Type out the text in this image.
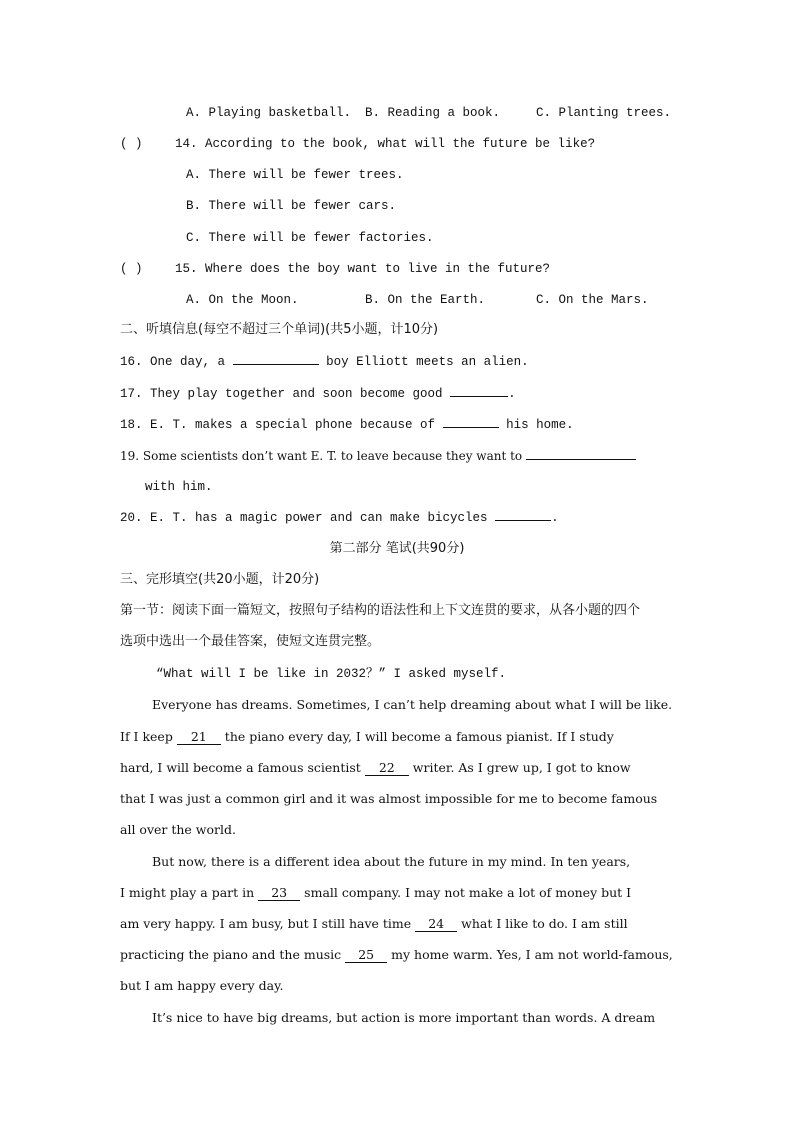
A. Playing basketball. B. Reading a book.	C. Planting trees.
( )	14. According to the book, what will the future be like?
A. There will be fewer trees.
B. There will be fewer cars.
C. There will be fewer factories.
( )	15. Where does the boy want to live in the future?
A. On the Moon.	B. On the Earth.	C. On the Mars.
二、听填信息(每空不超过三个单词)(共5小题，计10分)
16. One day, a	boy Elliott meets an alien.
17. They play together and soon become good	.
18. E. T. makes a special phone because of	his home.
19. Some scientists don’t want E. T. to leave because they want to
with him.
20. E. T. has a magic power and can make bicycles	.
第二部分 笔试(共90分)
三、完形填空(共20小题，计20分)
第一节：阅读下面一篇短文，按照句子结构的语法性和上下文连贯的要求，从各小题的四个
选项中选出一个最佳答案，使短文连贯完整。
“What will I be like in 2032？” I asked myself.
Everyone has dreams. Sometimes, I can’t help dreaming about what I will be like.
If I keep 21 the piano every day, I will become a famous pianist. If I study
hard, I will become a famous scientist 22 writer. As I grew up, I got to know
that I was just a common girl and it was almost impossible for me to become famous
all over the world.
But now, there is a different idea about the future in my mind. In ten years,
I might play a part in 23 small company. I may not make a lot of money but I
am very happy. I am busy, but I still have time 24 what I like to do. I am still
practicing the piano and the music 25 my home warm. Yes, I am not world-famous,
but I am happy every day.
It’s nice to have big dreams, but action is more important than words. A dream
